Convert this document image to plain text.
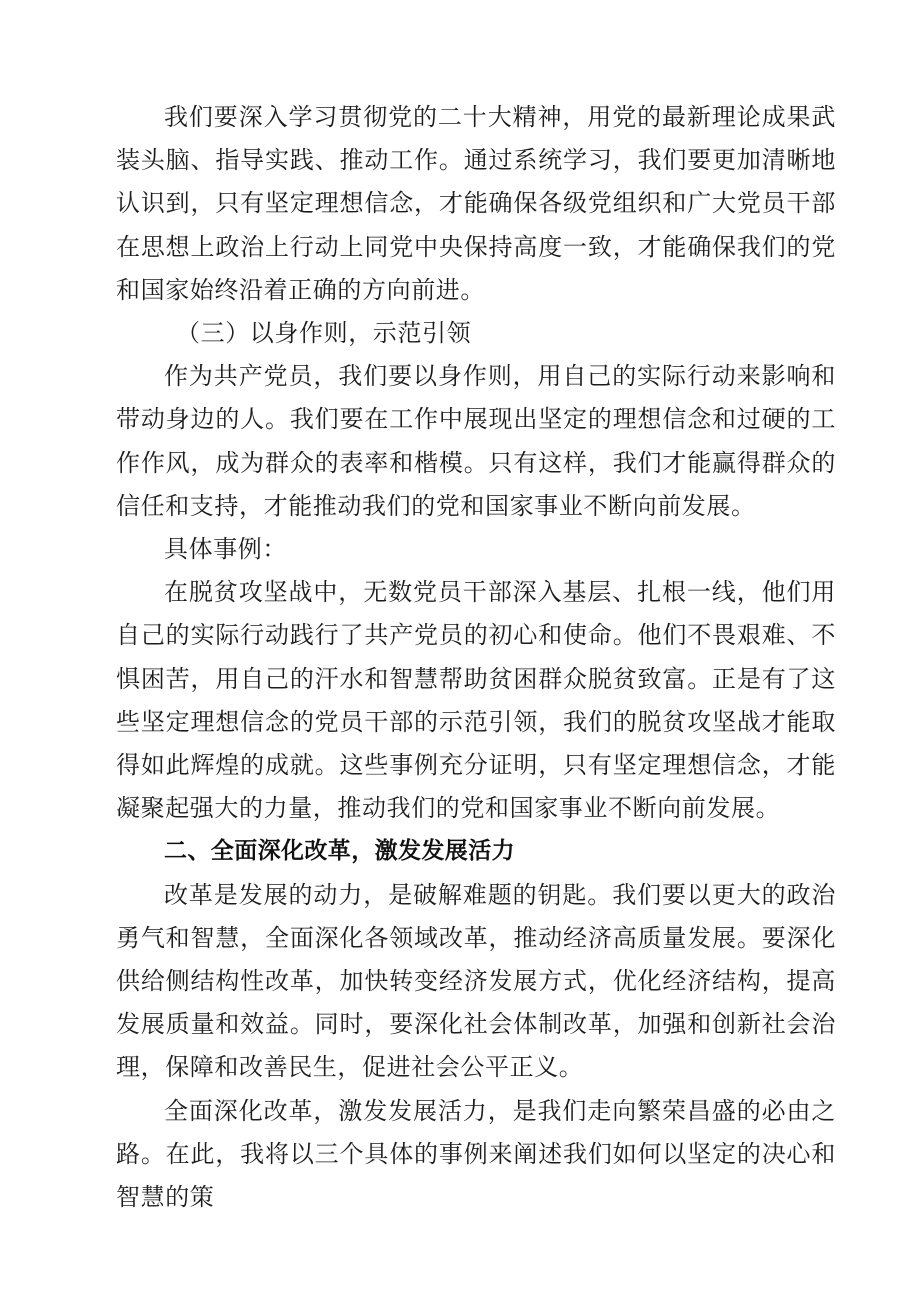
我们要深入学习贯彻党的二十大精神，用党的最新理论成果武装头脑、指导实践、推动工作。通过系统学习，我们要更加清晰地认识到，只有坚定理想信念，才能确保各级党组织和广大党员干部在思想上政治上行动上同党中央保持高度一致，才能确保我们的党和国家始终沿着正确的方向前进。

（三）以身作则，示范引领

作为共产党员，我们要以身作则，用自己的实际行动来影响和带动身边的人。我们要在工作中展现出坚定的理想信念和过硬的工作作风，成为群众的表率和楷模。只有这样，我们才能赢得群众的信任和支持，才能推动我们的党和国家事业不断向前发展。

具体事例：

在脱贫攻坚战中，无数党员干部深入基层、扎根一线，他们用自己的实际行动践行了共产党员的初心和使命。他们不畏艰难、不惧困苦，用自己的汗水和智慧帮助贫困群众脱贫致富。正是有了这些坚定理想信念的党员干部的示范引领，我们的脱贫攻坚战才能取得如此辉煌的成就。这些事例充分证明，只有坚定理想信念，才能凝聚起强大的力量，推动我们的党和国家事业不断向前发展。

二、全面深化改革，激发发展活力

改革是发展的动力，是破解难题的钥匙。我们要以更大的政治勇气和智慧，全面深化各领域改革，推动经济高质量发展。要深化供给侧结构性改革，加快转变经济发展方式，优化经济结构，提高发展质量和效益。同时，要深化社会体制改革，加强和创新社会治理，保障和改善民生，促进社会公平正义。

全面深化改革，激发发展活力，是我们走向繁荣昌盛的必由之路。在此，我将以三个具体的事例来阐述我们如何以坚定的决心和智慧的策
